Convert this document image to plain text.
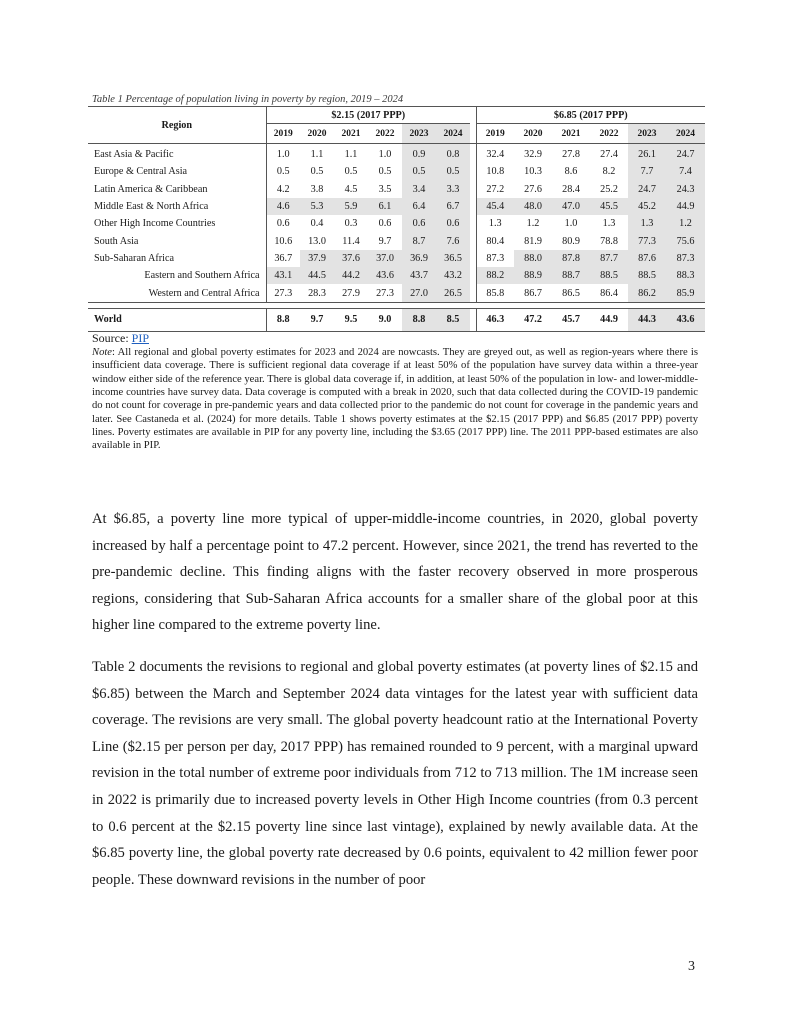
Table 1 Percentage of population living in poverty by region, 2019 – 2024
Region	$2.15 (2017 PPP)							$6.85 (2017 PPP)					
	2019	2020	2021	2022	2023	2024		2019	2020	2021	2022	2023	2024
East Asia & Pacific	1.0	1.1	1.1	1.0	0.9	0.8		32.4	32.9	27.8	27.4	26.1	24.7
Europe & Central Asia	0.5	0.5	0.5	0.5	0.5	0.5		10.8	10.3	8.6	8.2	7.7	7.4
Latin America & Caribbean	4.2	3.8	4.5	3.5	3.4	3.3		27.2	27.6	28.4	25.2	24.7	24.3
Middle East & North Africa	4.6	5.3	5.9	6.1	6.4	6.7		45.4	48.0	47.0	45.5	45.2	44.9
Other High Income Countries	0.6	0.4	0.3	0.6	0.6	0.6		1.3	1.2	1.0	1.3	1.3	1.2
South Asia	10.6	13.0	11.4	9.7	8.7	7.6		80.4	81.9	80.9	78.8	77.3	75.6
Sub-Saharan Africa	36.7	37.9	37.6	37.0	36.9	36.5		87.3	88.0	87.8	87.7	87.6	87.3
Eastern and Southern Africa	43.1	44.5	44.2	43.6	43.7	43.2		88.2	88.9	88.7	88.5	88.5	88.3
Western and Central Africa	27.3	28.3	27.9	27.3	27.0	26.5		85.8	86.7	86.5	86.4	86.2	85.9

World	8.8	9.7	9.5	9.0	8.8	8.5		46.3	47.2	45.7	44.9	44.3	43.6
Source: PIP
Note: All regional and global poverty estimates for 2023 and 2024 are nowcasts. They are greyed out, as well as region-years where there is insufficient data coverage. There is sufficient regional data coverage if at least 50% of the population have survey data within a three-year window either side of the reference year. There is global data coverage if, in addition, at least 50% of the population in low- and lower-middle-income countries have survey data. Data coverage is computed with a break in 2020, such that data collected during the COVID-19 pandemic do not count for coverage in pre-pandemic years and data collected prior to the pandemic do not count for coverage in the pandemic years and later. See Castaneda et al. (2024) for more details. Table 1 shows poverty estimates at the $2.15 (2017 PPP) and $6.85 (2017 PPP) poverty lines. Poverty estimates are available in PIP for any poverty line, including the $3.65 (2017 PPP) line. The 2011 PPP-based estimates are also available in PIP.
At $6.85, a poverty line more typical of upper-middle-income countries, in 2020, global poverty increased by half a percentage point to 47.2 percent. However, since 2021, the trend has reverted to the pre-pandemic decline. This finding aligns with the faster recovery observed in more prosperous regions, considering that Sub-Saharan Africa accounts for a smaller share of the global poor at this higher line compared to the extreme poverty line.
Table 2 documents the revisions to regional and global poverty estimates (at poverty lines of $2.15 and $6.85) between the March and September 2024 data vintages for the latest year with sufficient data coverage. The revisions are very small. The global poverty headcount ratio at the International Poverty Line ($2.15 per person per day, 2017 PPP) has remained rounded to 9 percent, with a marginal upward revision in the total number of extreme poor individuals from 712 to 713 million. The 1M increase seen in 2022 is primarily due to increased poverty levels in Other High Income countries (from 0.3 percent to 0.6 percent at the $2.15 poverty line since last vintage), explained by newly available data. At the $6.85 poverty line, the global poverty rate decreased by 0.6 points, equivalent to 42 million fewer poor people. These downward revisions in the number of poor
3
